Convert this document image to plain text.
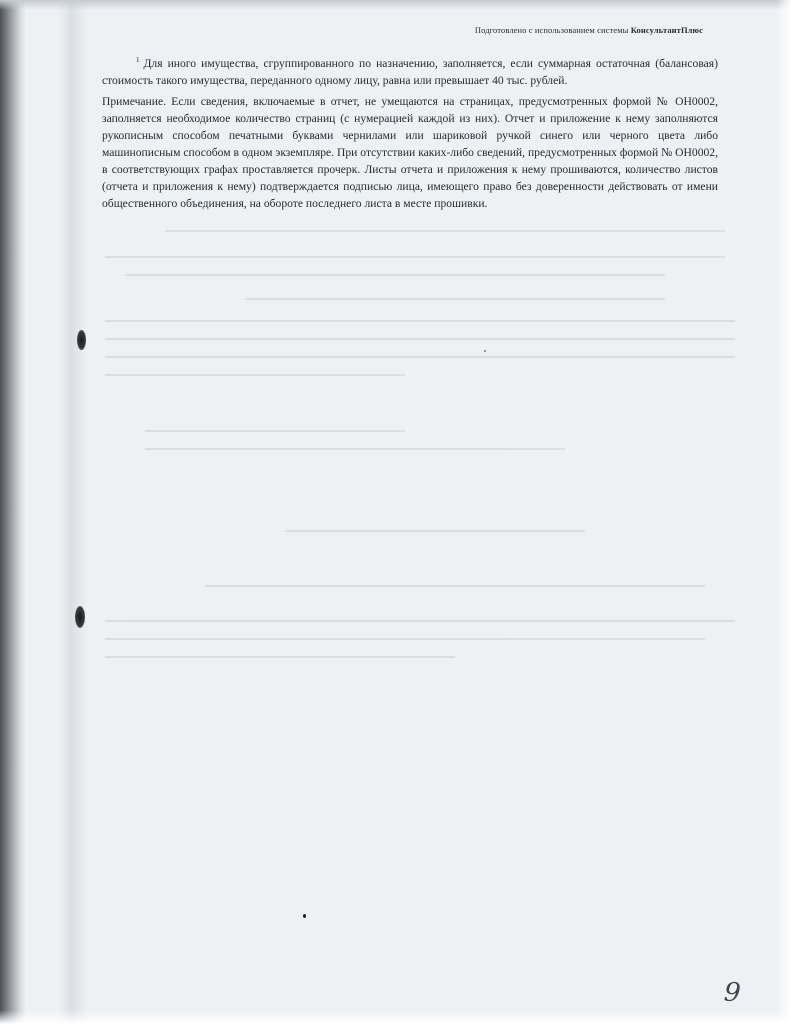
Подготовлено с использованием системы КонсультантПлюс

$^1$ Для иного имущества, сгруппированного по назначению, заполняется, если суммарная остаточная (балансовая) стоимость такого имущества, переданного одному лицу, равна или превышает 40 тыс. рублей.

Примечание. Если сведения, включаемые в отчет, не умещаются на страницах, предусмотренных формой № ОН0002, заполняется необходимое количество страниц (с нумерацией каждой из них). Отчет и приложение к нему заполняются рукописным способом печатными буквами чернилами или шариковой ручкой синего или черного цвета либо машинописным способом в одном экземпляре. При отсутствии каких-либо сведений, предусмотренных формой № ОН0002, в соответствующих графах проставляется прочерк. Листы отчета и приложения к нему прошиваются, количество листов (отчета и приложения к нему) подтверждается подписью лица, имеющего право без доверенности действовать от имени общественного объединения, на обороте последнего листа в месте прошивки.

9
